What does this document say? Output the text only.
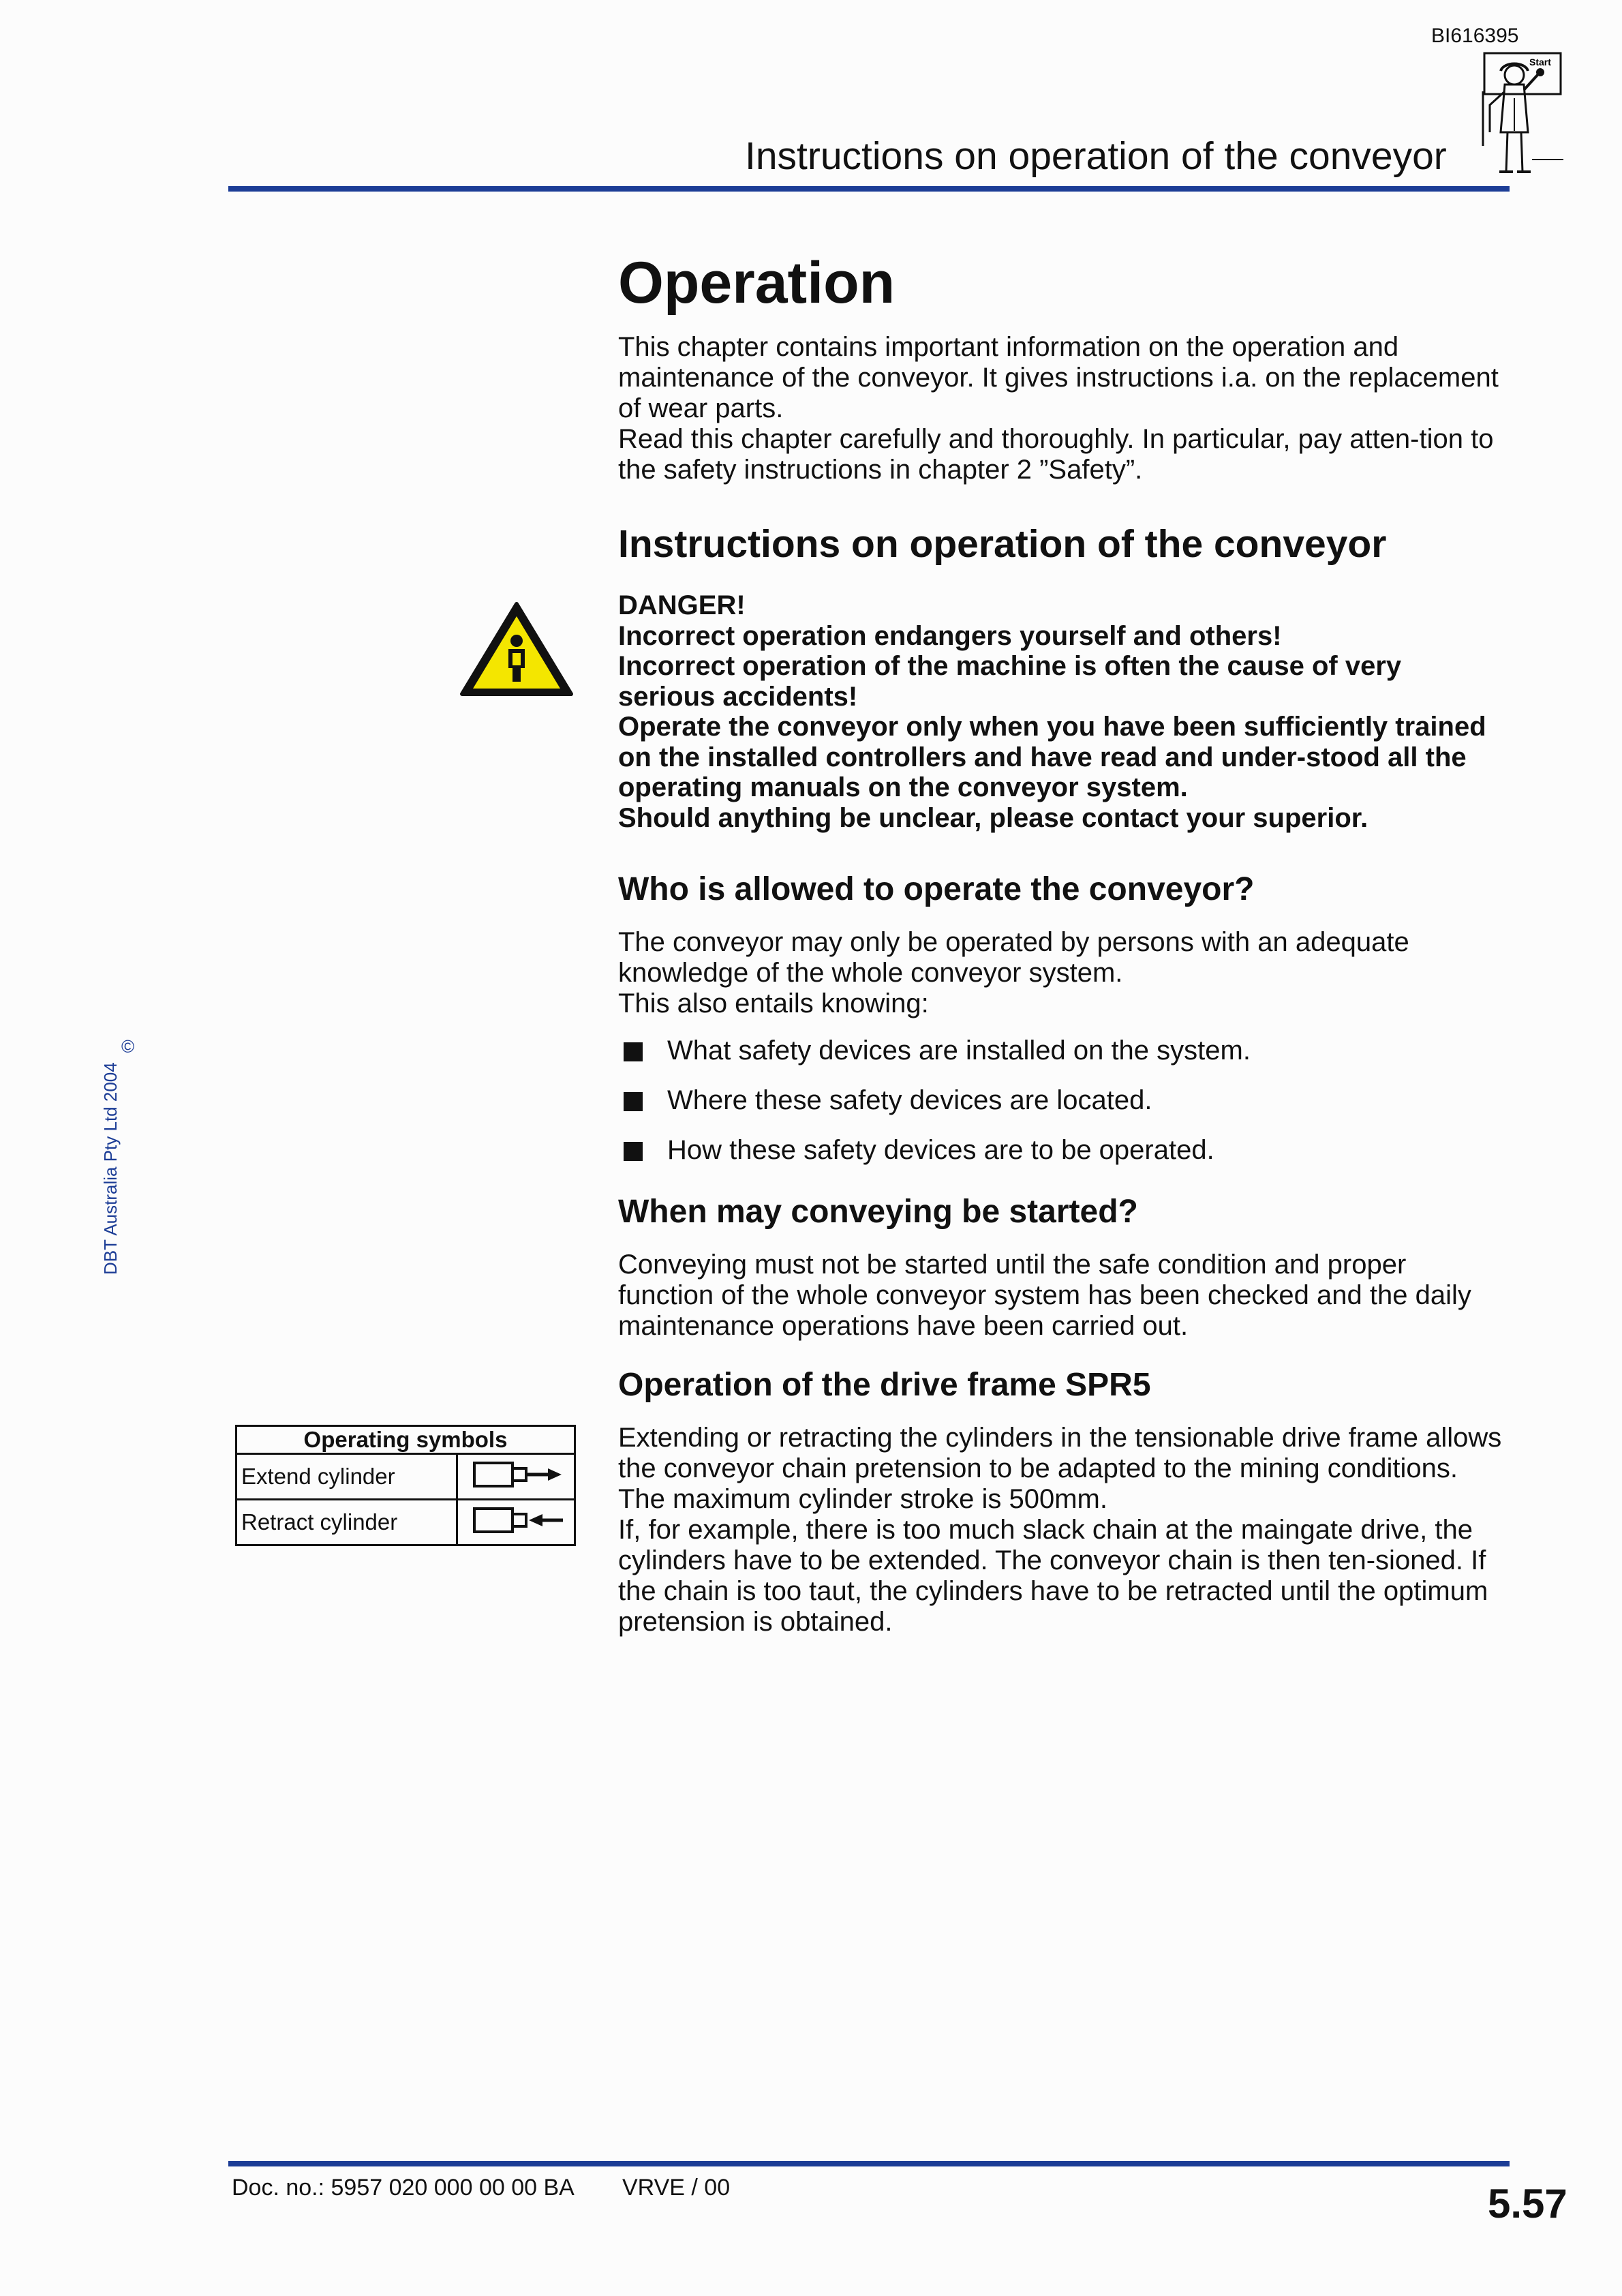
BI616395
Instructions on operation of the conveyor
Start
DBT Australia Pty Ltd 2004 ©
Operation

This chapter contains important information on the operation and maintenance of the conveyor. It gives instructions i.a. on the replacement of wear parts.

Read this chapter carefully and thoroughly. In particular, pay atten-tion to the safety instructions in chapter 2 ”Safety”.

Instructions on operation of the conveyor

DANGER!

Incorrect operation endangers yourself and others!

Incorrect operation of the machine is often the cause of very serious accidents!

Operate the conveyor only when you have been sufficiently trained on the installed controllers and have read and under-stood all the operating manuals on the conveyor system.

Should anything be unclear, please contact your superior.

Who is allowed to operate the conveyor?

The conveyor may only be operated by persons with an adequate knowledge of the whole conveyor system.

This also entails knowing:

What safety devices are installed on the system.
Where these safety devices are located.
How these safety devices are to be operated.
When may conveying be started?

Conveying must not be started until the safe condition and proper function of the whole conveyor system has been checked and the daily maintenance operations have been carried out.

Operation of the drive frame SPR5

Extending or retracting the cylinders in the tensionable drive frame allows the conveyor chain pretension to be adapted to the mining conditions. The maximum cylinder stroke is 500mm.

If, for example, there is too much slack chain at the maingate drive, the cylinders have to be extended. The conveyor chain is then ten-sioned. If the chain is too taut, the cylinders have to be retracted until the optimum pretension is obtained.

Operating symbols	
Extend cylinder	
Retract cylinder	
Doc. no.: 5957 020 000 00 00 BA VRVE / 00	5.57
